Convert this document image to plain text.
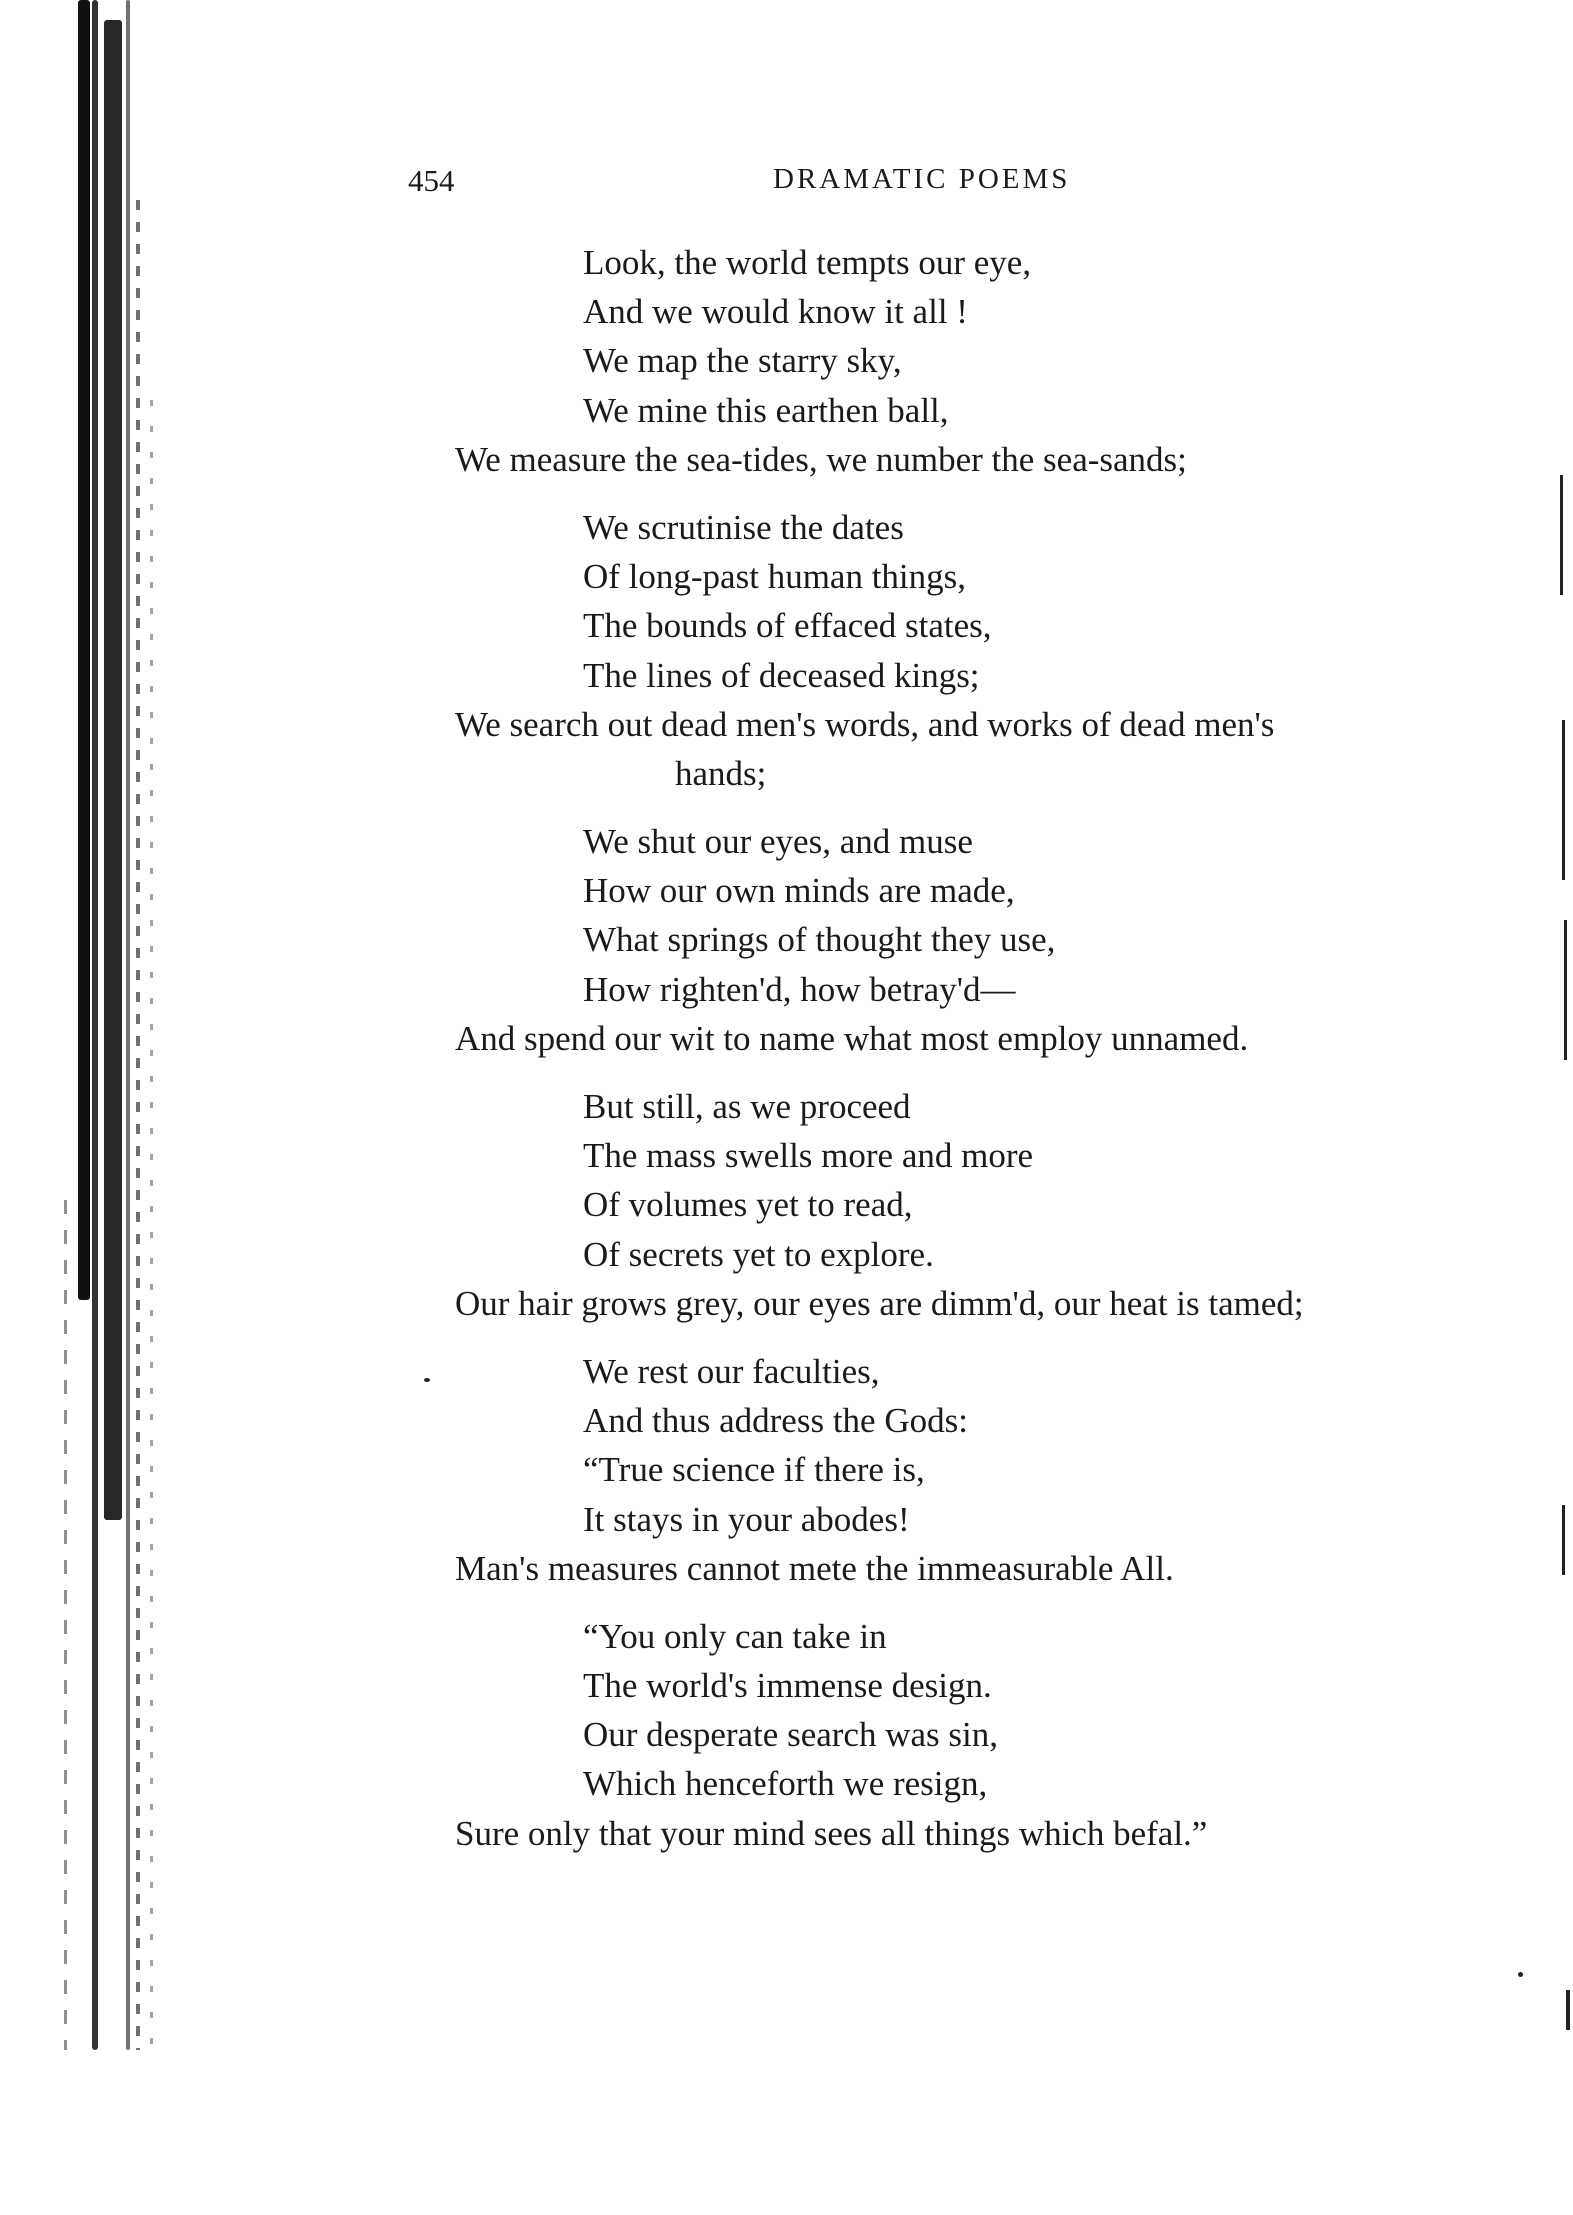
454	DRAMATIC POEMS
Look, the world tempts our eye,
And we would know it all !
We map the starry sky,
We mine this earthen ball,
We measure the sea-tides, we number the sea-sands;
We scrutinise the dates
Of long-past human things,
The bounds of effaced states,
The lines of deceased kings;
We search out dead men's words, and works of dead men's
hands;
We shut our eyes, and muse
How our own minds are made,
What springs of thought they use,
How righten'd, how betray'd—
And spend our wit to name what most employ unnamed.
But still, as we proceed
The mass swells more and more
Of volumes yet to read,
Of secrets yet to explore.
Our hair grows grey, our eyes are dimm'd, our heat is tamed;
We rest our faculties,
And thus address the Gods:
“True science if there is,
It stays in your abodes!
Man's measures cannot mete the immeasurable All.
“You only can take in
The world's immense design.
Our desperate search was sin,
Which henceforth we resign,
Sure only that your mind sees all things which befal.”
